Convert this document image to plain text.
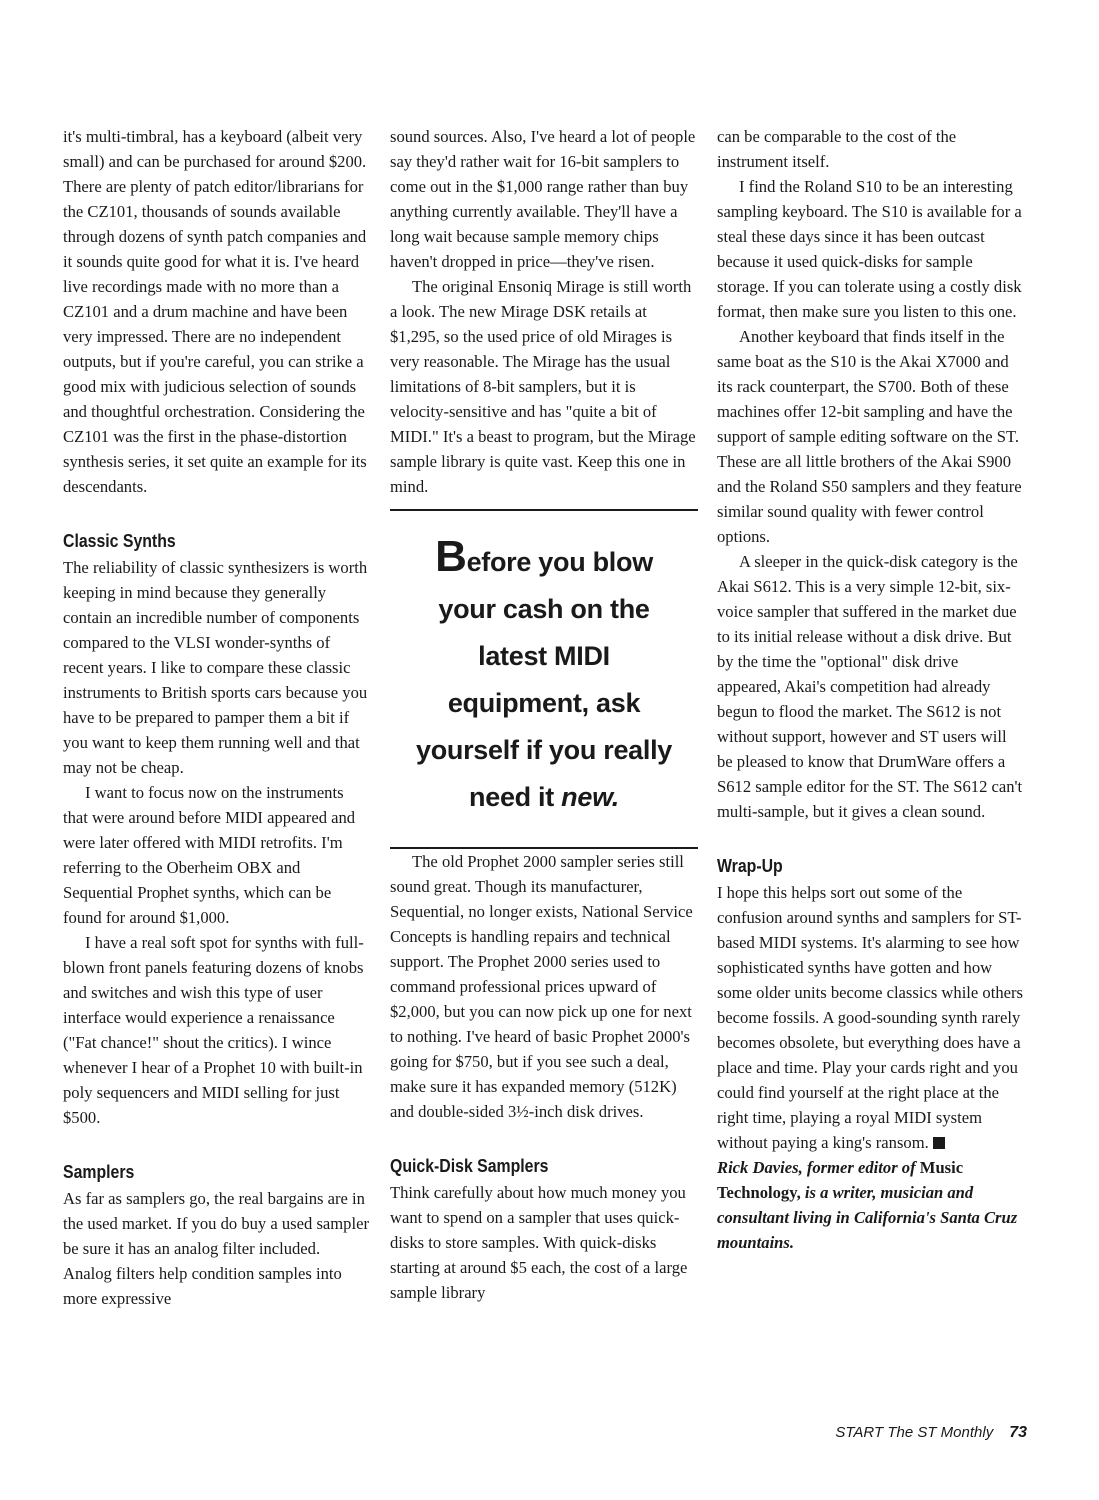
it's multi-timbral, has a keyboard (albeit very small) and can be purchased for around $200. There are plenty of patch editor/librarians for the CZ101, thousands of sounds available through dozens of synth patch companies and it sounds quite good for what it is. I've heard live recordings made with no more than a CZ101 and a drum machine and have been very impressed. There are no independent outputs, but if you're careful, you can strike a good mix with judicious selection of sounds and thoughtful orchestration. Considering the CZ101 was the first in the phase-distortion synthesis series, it set quite an example for its descendants.

Classic Synths

The reliability of classic synthesizers is worth keeping in mind because they generally contain an incredible number of components compared to the VLSI wonder-synths of recent years. I like to compare these classic instruments to British sports cars because you have to be prepared to pamper them a bit if you want to keep them running well and that may not be cheap.

I want to focus now on the instruments that were around before MIDI appeared and were later offered with MIDI retrofits. I'm referring to the Oberheim OBX and Sequential Prophet synths, which can be found for around $1,000.

I have a real soft spot for synths with full-blown front panels featuring dozens of knobs and switches and wish this type of user interface would experience a renaissance ("Fat chance!" shout the critics). I wince whenever I hear of a Prophet 10 with built-in poly sequencers and MIDI selling for just $500.

Samplers

As far as samplers go, the real bargains are in the used market. If you do buy a used sampler be sure it has an analog filter included. Analog filters help condition samples into more expressive

sound sources. Also, I've heard a lot of people say they'd rather wait for 16-bit samplers to come out in the $1,000 range rather than buy anything currently available. They'll have a long wait because sample memory chips haven't dropped in price—they've risen.

The original Ensoniq Mirage is still worth a look. The new Mirage DSK retails at $1,295, so the used price of old Mirages is very reasonable. The Mirage has the usual limitations of 8-bit samplers, but it is velocity-sensitive and has "quite a bit of MIDI." It's a beast to program, but the Mirage sample library is quite vast. Keep this one in mind.

Before you blow
your cash on the
latest MIDI
equipment, ask
yourself if you really
need it new.

The old Prophet 2000 sampler series still sound great. Though its manufacturer, Sequential, no longer exists, National Service Concepts is handling repairs and technical support. The Prophet 2000 series used to command professional prices upward of $2,000, but you can now pick up one for next to nothing. I've heard of basic Prophet 2000's going for $750, but if you see such a deal, make sure it has expanded memory (512K) and double-sided 3½-inch disk drives.

Quick-Disk Samplers

Think carefully about how much money you want to spend on a sampler that uses quick-disks to store samples. With quick-disks starting at around $5 each, the cost of a large sample library

can be comparable to the cost of the instrument itself.

I find the Roland S10 to be an interesting sampling keyboard. The S10 is available for a steal these days since it has been outcast because it used quick-disks for sample storage. If you can tolerate using a costly disk format, then make sure you listen to this one.

Another keyboard that finds itself in the same boat as the S10 is the Akai X7000 and its rack counterpart, the S700. Both of these machines offer 12-bit sampling and have the support of sample editing software on the ST. These are all little brothers of the Akai S900 and the Roland S50 samplers and they feature similar sound quality with fewer control options.

A sleeper in the quick-disk category is the Akai S612. This is a very simple 12-bit, six-voice sampler that suffered in the market due to its initial release without a disk drive. But by the time the "optional" disk drive appeared, Akai's competition had already begun to flood the market. The S612 is not without support, however and ST users will be pleased to know that DrumWare offers a S612 sample editor for the ST. The S612 can't multi-sample, but it gives a clean sound.

Wrap-Up

I hope this helps sort out some of the confusion around synths and samplers for ST-based MIDI systems. It's alarming to see how sophisticated synths have gotten and how some older units become classics while others become fossils. A good-sounding synth rarely becomes obsolete, but everything does have a place and time. Play your cards right and you could find yourself at the right place at the right time, playing a royal MIDI system without paying a king's ransom.

Rick Davies, former editor of Music Technology, is a writer, musician and consultant living in California's Santa Cruz mountains.

START The ST Monthly 73
